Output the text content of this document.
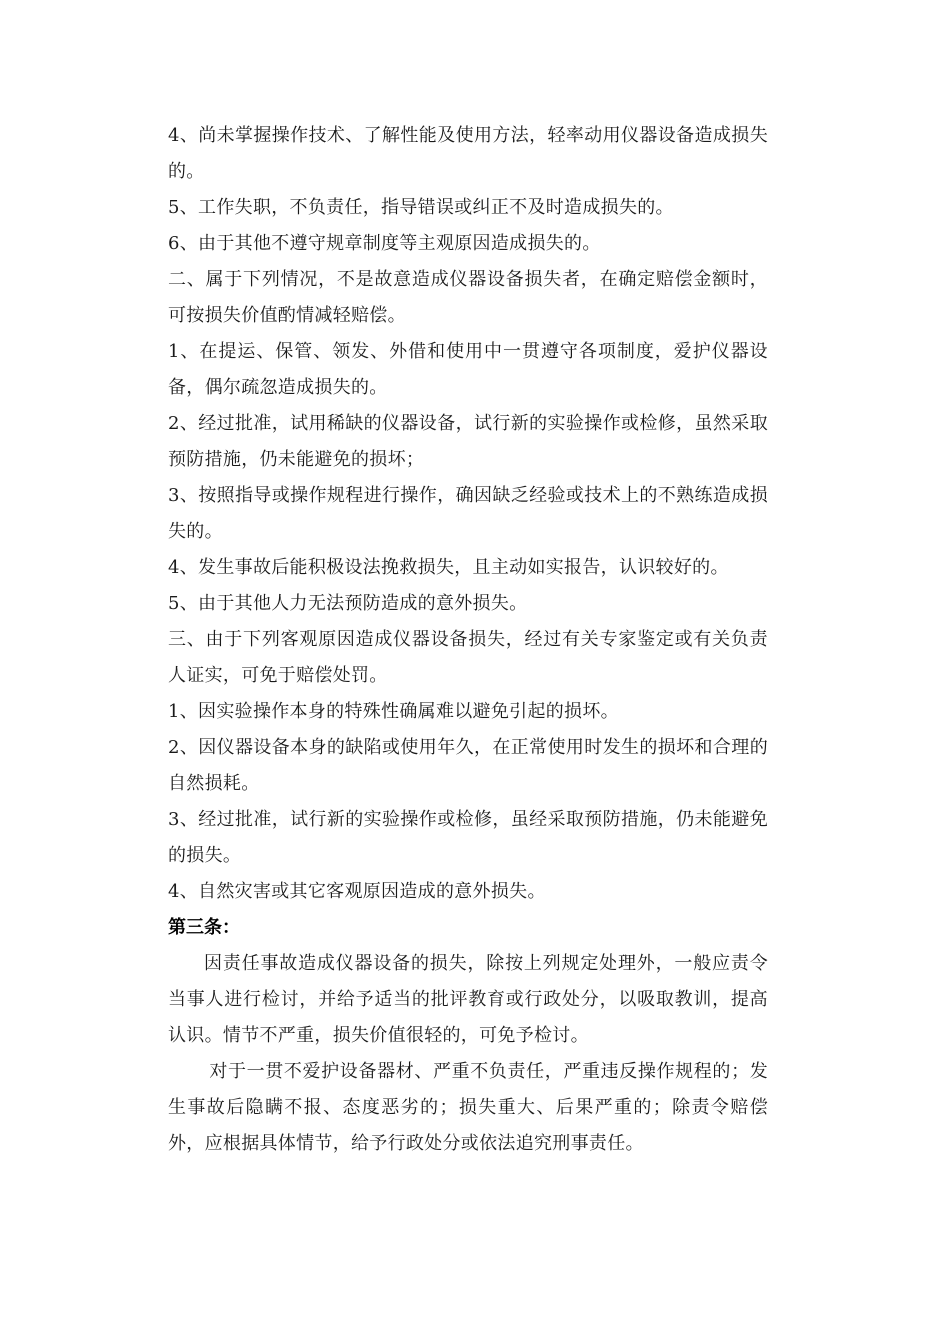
4、尚未掌握操作技术、了解性能及使用方法，轻率动用仪器设备造成损失的。

5、工作失职，不负责任，指导错误或纠正不及时造成损失的。

6、由于其他不遵守规章制度等主观原因造成损失的。

二、属于下列情况，不是故意造成仪器设备损失者，在确定赔偿金额时，可按损失价值酌情减轻赔偿。

1、在提运、保管、领发、外借和使用中一贯遵守各项制度，爱护仪器设备，偶尔疏忽造成损失的。

2、经过批准，试用稀缺的仪器设备，试行新的实验操作或检修，虽然采取预防措施，仍未能避免的损坏；

3、按照指导或操作规程进行操作，确因缺乏经验或技术上的不熟练造成损失的。

4、发生事故后能积极设法挽救损失，且主动如实报告，认识较好的。

5、由于其他人力无法预防造成的意外损失。

三、由于下列客观原因造成仪器设备损失，经过有关专家鉴定或有关负责人证实，可免于赔偿处罚。

1、因实验操作本身的特殊性确属难以避免引起的损坏。

2、因仪器设备本身的缺陷或使用年久，在正常使用时发生的损坏和合理的自然损耗。

3、经过批准，试行新的实验操作或检修，虽经采取预防措施，仍未能避免的损失。

4、自然灾害或其它客观原因造成的意外损失。

第三条：

因责任事故造成仪器设备的损失，除按上列规定处理外，一般应责令当事人进行检讨，并给予适当的批评教育或行政处分，以吸取教训，提高认识。情节不严重，损失价值很轻的，可免予检讨。

对于一贯不爱护设备器材、严重不负责任，严重违反操作规程的；发生事故后隐瞒不报、态度恶劣的；损失重大、后果严重的；除责令赔偿外，应根据具体情节，给予行政处分或依法追究刑事责任。
